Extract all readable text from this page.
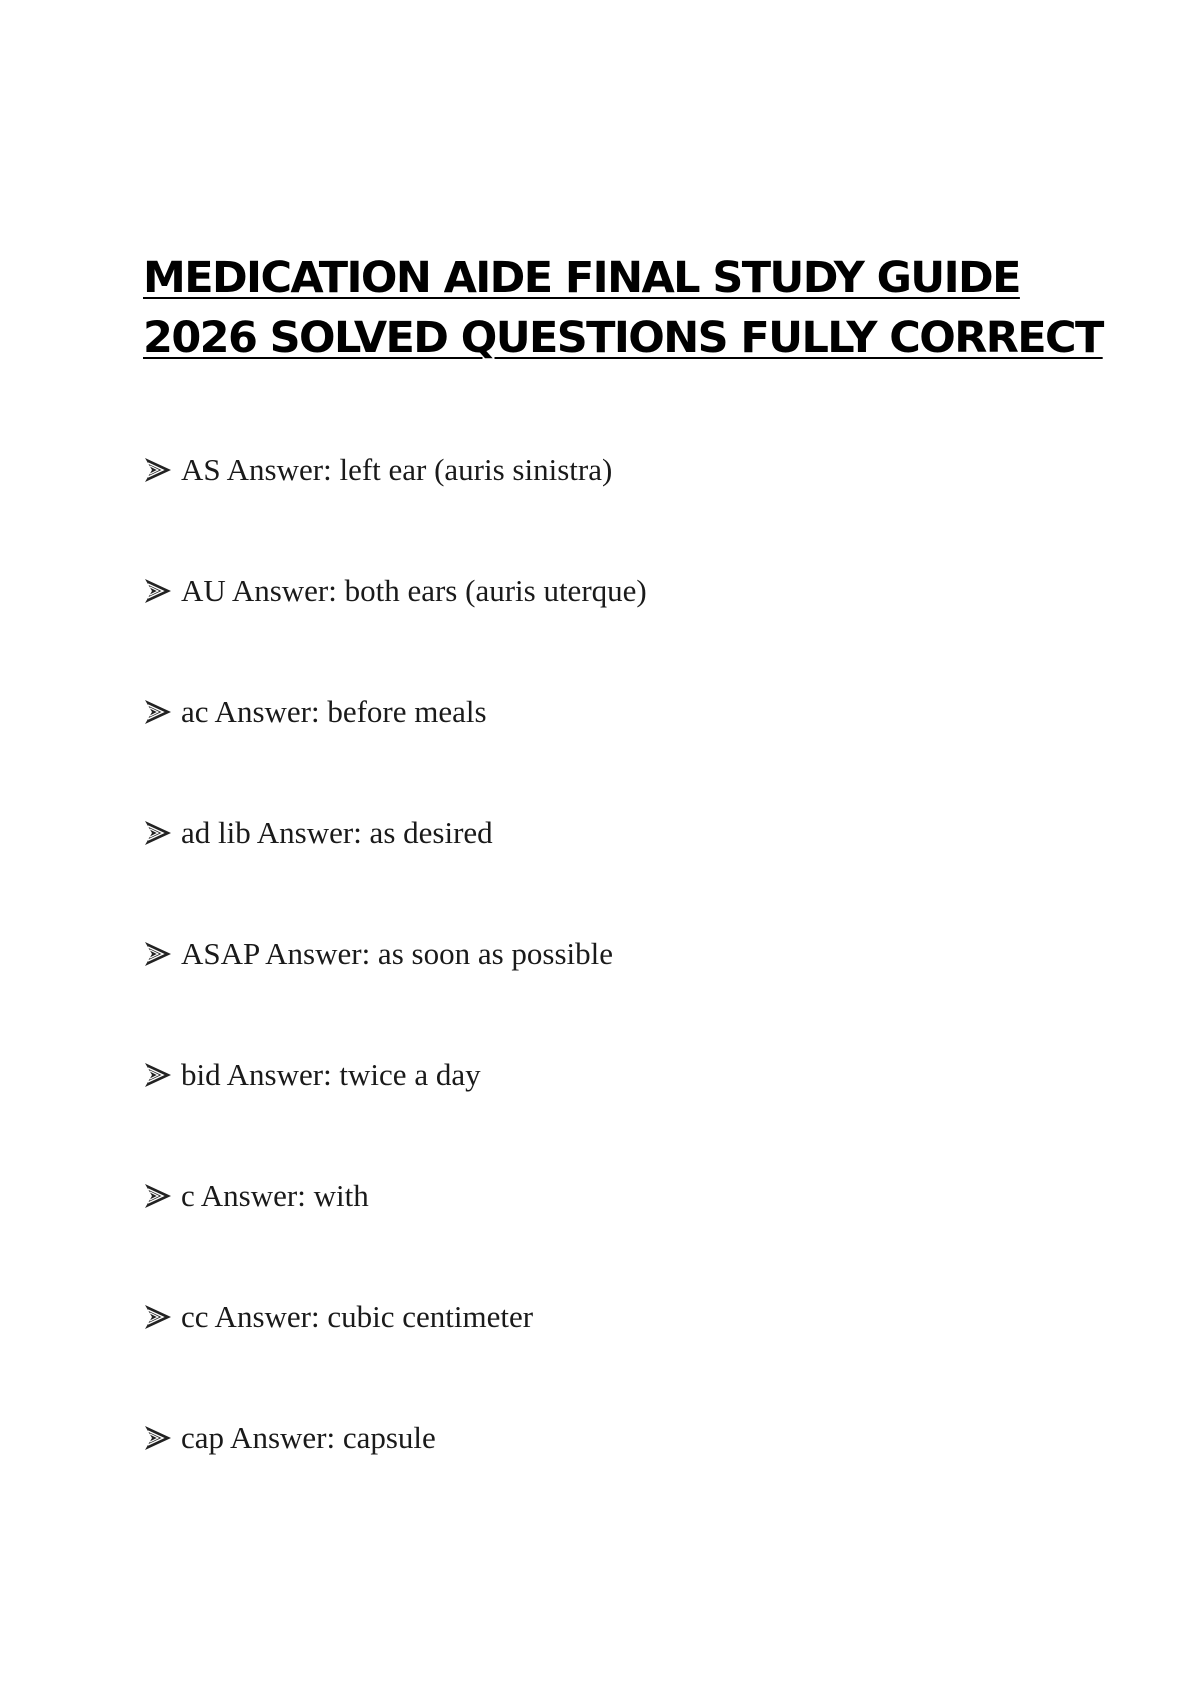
MEDICATION AIDE FINAL STUDY GUIDE
2026 SOLVED QUESTIONS FULLY CORRECT
AS Answer: left ear (auris sinistra)
AU Answer: both ears (auris uterque)
ac Answer: before meals
ad lib Answer: as desired
ASAP Answer: as soon as possible
bid Answer: twice a day
c Answer: with
cc Answer: cubic centimeter
cap Answer: capsule
